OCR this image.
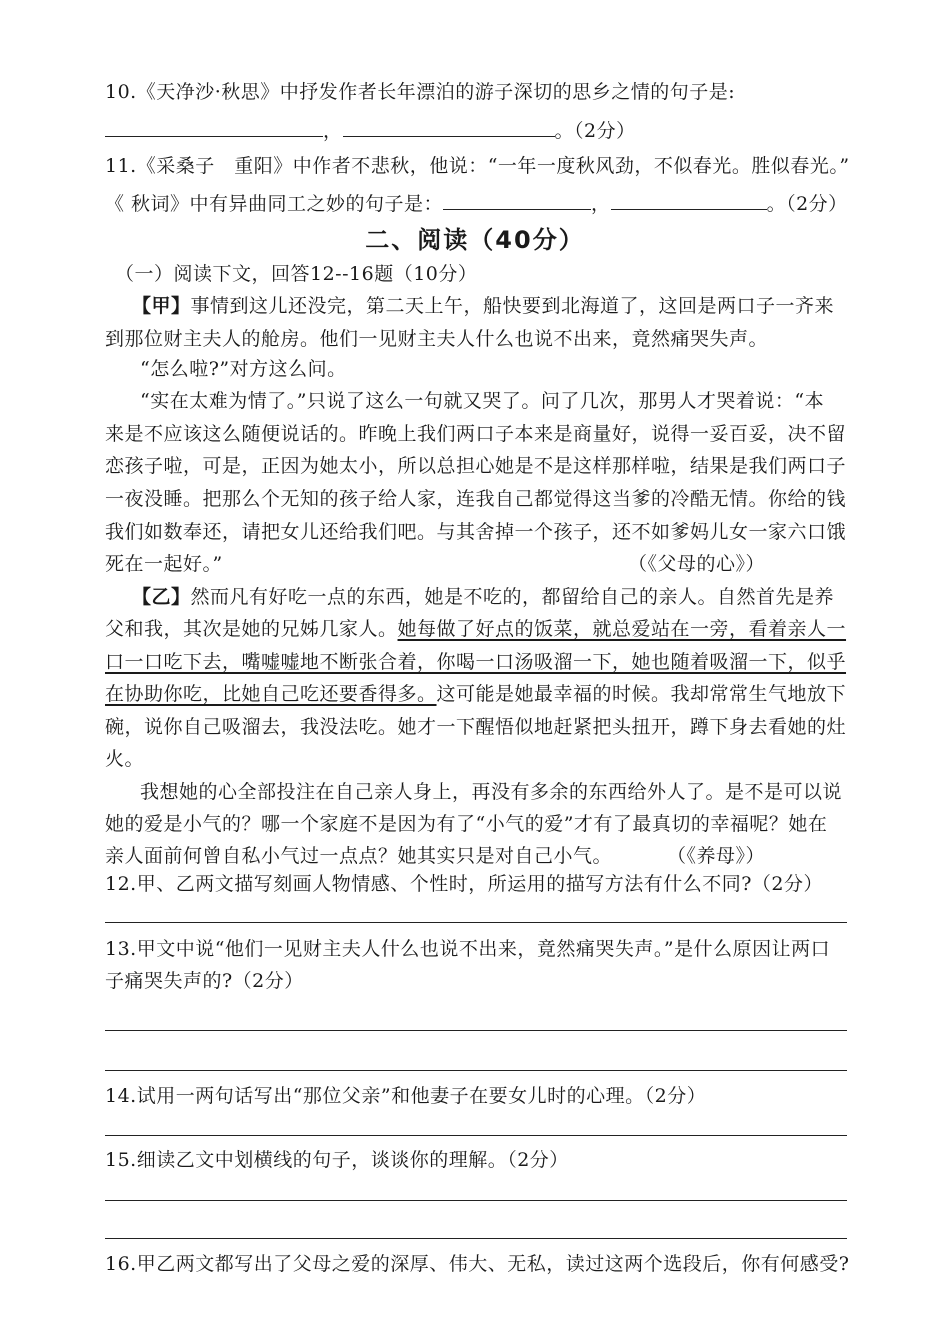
10.《天净沙·秋思》中抒发作者长年漂泊的游子深切的思乡之情的句子是:
，	。（2分）
11.《采桑子　重阳》中作者不悲秋，他说：“一年一度秋风劲，不似春光。胜似春光。”
《 秋词》中有异曲同工之妙的句子是：	，	。（2分）
二、阅读（40分）
（一）阅读下文，回答12--16题（10分）
【甲】事情到这儿还没完，第二天上午，船快要到北海道了，这回是两口子一齐来
到那位财主夫人的舱房。他们一见财主夫人什么也说不出来，竟然痛哭失声。
“怎么啦?”对方这么问。
“实在太难为情了。”只说了这么一句就又哭了。问了几次，那男人才哭着说：“本
来是不应该这么随便说话的。昨晚上我们两口子本来是商量好，说得一妥百妥，决不留
恋孩子啦，可是，正因为她太小，所以总担心她是不是这样那样啦，结果是我们两口子
一夜没睡。把那么个无知的孩子给人家，连我自己都觉得这当爹的冷酷无情。你给的钱
我们如数奉还，请把女儿还给我们吧。与其舍掉一个孩子，还不如爹妈儿女一家六口饿
死在一起好。”	（《父母的心》）
【乙】然而凡有好吃一点的东西，她是不吃的，都留给自己的亲人。自然首先是养
父和我，其次是她的兄姊几家人。她每做了好点的饭菜，就总爱站在一旁，看着亲人一
口一口吃下去，嘴嘘嘘地不断张合着，你喝一口汤吸溜一下，她也随着吸溜一下，似乎
在协助你吃，比她自己吃还要香得多。这可能是她最幸福的时候。我却常常生气地放下
碗，说你自己吸溜去，我没法吃。她才一下醒悟似地赶紧把头扭开，蹲下身去看她的灶
火。
我想她的心全部投注在自己亲人身上，再没有多余的东西给外人了。是不是可以说
她的爱是小气的？哪一个家庭不是因为有了“小气的爱”才有了最真切的幸福呢？她在
亲人面前何曾自私小气过一点点？她其实只是对自己小气。	（《养母》）
12.甲、乙两文描写刻画人物情感、个性时，所运用的描写方法有什么不同?（2分）
13.甲文中说“他们一见财主夫人什么也说不出来，竟然痛哭失声。”是什么原因让两口
子痛哭失声的?（2分）
14.试用一两句话写出“那位父亲”和他妻子在要女儿时的心理。（2分）
15.细读乙文中划横线的句子，谈谈你的理解。（2分）
16.甲乙两文都写出了父母之爱的深厚、伟大、无私，读过这两个选段后，你有何感受?
